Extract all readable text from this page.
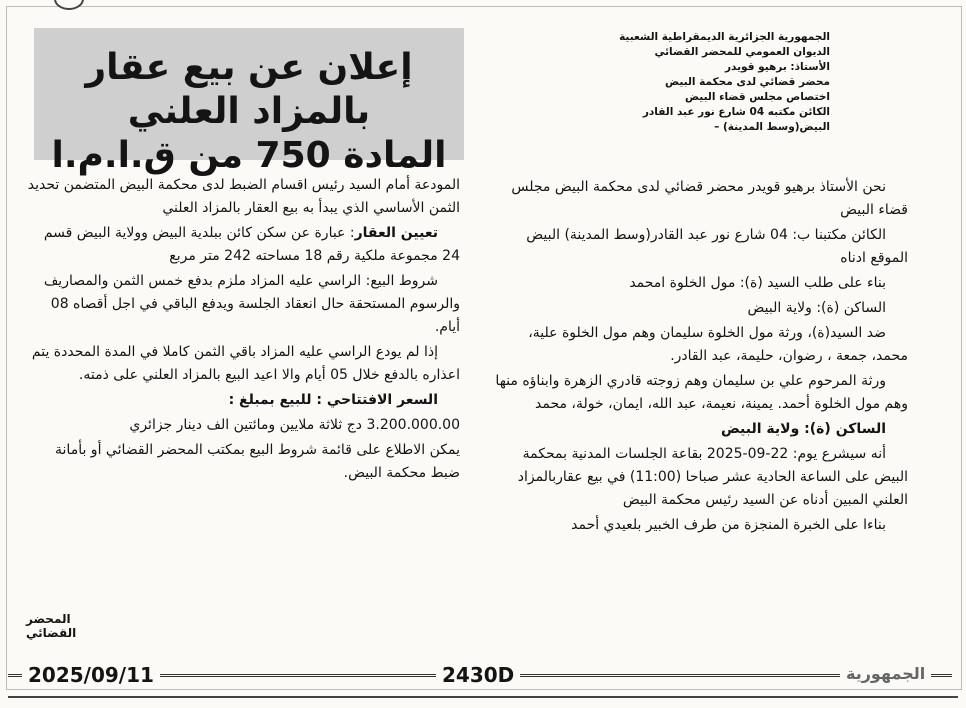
الجمهورية الجزائرية الديمقراطية الشعبية
الديوان العمومي للمحضر القضائي
الأستاذ: برهيو قويدر
محضر قضائي لدى محكمة البيض
اختصاص مجلس قضاء البيض
الكائن مكتبه 04 شارع نور عبد القادر
البيض(وسط المدينة) –
إعلان عن بيع عقار بالمزاد العلني
المادة 750 من ق.ا.م.ا

نحن الأستاذ برهيو قويدر محضر قضائي لدى محكمة البيض مجلس قضاء البيض

الكائن مكتبنا ب: 04 شارع نور عبد القادر(وسط المدينة) البيض الموقع ادناه

بناء على طلب السيد (ة): مول الخلوة امحمد

الساكن (ة): ولاية البيض

ضد السيد(ة)، ورثة مول الخلوة سليمان وهم مول الخلوة علية، محمد، جمعة ، رضوان، حليمة، عبد القادر.

ورثة المرحوم علي بن سليمان وهم زوجته قادري الزهرة وابناؤه منها وهم مول الخلوة أحمد. يمينة، نعيمة، عبد الله، ايمان، خولة، محمد

الساكن (ة): ولاية البيض

أنه سيشرع يوم: 22-09-2025 بقاعة الجلسات المدنية بمحكمة البيض على الساعة الحادية عشر صباحا (11:00) في بيع عقاربالمزاد العلني المبين أدناه عن السيد رئيس محكمة البيض

بناءا على الخبرة المنجزة من طرف الخبير بلعيدي أحمد

المودعة أمام السيد رئيس اقسام الضبط لدى محكمة البيض المتضمن تحديد الثمن الأساسي الذي يبدأ به بيع العقار بالمزاد العلني

تعيين العقار: عبارة عن سكن كائن ببلدية البيض وولاية البيض قسم 24 مجموعة ملكية رقم 18 مساحته 242 متر مربع

شروط البيع: الراسي عليه المزاد ملزم بدفع خمس الثمن والمصاريف والرسوم المستحقة حال انعقاد الجلسة ويدفع الباقي في اجل أقصاه 08 أيام.

إذا لم يودع الراسي عليه المزاد باقي الثمن كاملا في المدة المحددة يتم اعذاره بالدفع خلال 05 أيام والا اعيد البيع بالمزاد العلني على ذمته.

السعر الافتتاحي : للبيع بمبلغ :

3.200.000.00 دج ثلاثة ملايين ومائتين الف دينار جزائري

يمكن الاطلاع على قائمة شروط البيع بمكتب المحضر القضائي أو بأمانة ضبط محكمة البيض.

المحضر القضائي
2025/09/11	2430D	الجمهورية
